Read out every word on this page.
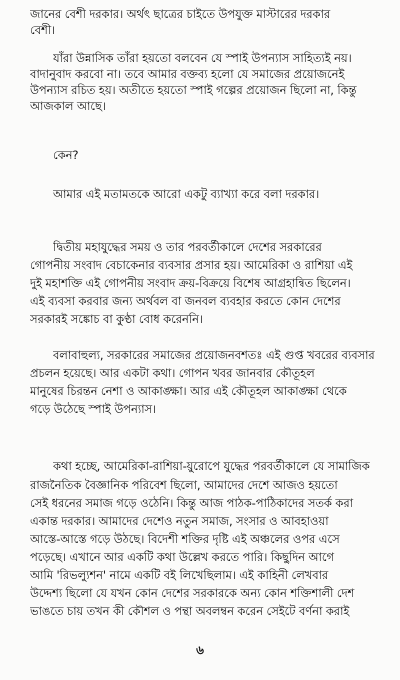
জানের বেশী দরকার। অর্থৎ ছাত্রের চাইতে উপযুক্ত মাস্টারের দরকার
বেশী।
যাঁরা উন্নাসিক তাঁরা হয়তো বলবেন যে স্পাই উপন্যাস সাহিত্যই নয়।
বাদানুবাদ করবো না। তবে আমার বক্তব্য হলো যে সমাজের প্রয়োজনেই
উপন্যাস রচিত হয়। অতীতে হয়তো স্পাই গল্পের প্রয়োজন ছিলো না, কিন্তু
আজকাল আছে।
কেন?
আমার এই মতামতকে আরো একটু ব্যাখ্যা করে বলা দরকার।
দ্বিতীয় মহাযুদ্ধের সময় ও তার পরবর্তীকালে দেশের সরকারের
গোপনীয় সংবাদ বেচাকেনার ব্যবসার প্রসার হয়। আমেরিকা ও রাশিয়া এই
দুই মহাশক্তি এই গোপনীয় সংবাদ ক্রয়-বিক্রয়ে বিশেষ আগ্রহান্বিত ছিলেন।
এই ব্যবসা করবার জন্য অর্থবল বা জনবল ব্যবহার করতে কোন দেশের
সরকারই সঙ্কোচ বা কুণ্ঠা বোধ করেননি।
বলাবাহুল্য, সরকারের সমাজের প্রয়োজনবশতঃ এই গুপ্ত খবরের ব্যবসার
প্রচলন হয়েছে। আর একটা কথা। গোপন খবর জানবার কৌতূহল
মানুষের চিরন্তন নেশা ও আকাঙ্ক্ষা। আর এই কৌতূহল আকাঙ্ক্ষা থেকে
গড়ে উঠেছে স্পাই উপন্যাস।
কথা হচ্ছে, আমেরিকা-রাশিয়া-য়ুরোপে যুদ্ধের পরবর্তীকালে যে সামাজিক
রাজনৈতিক বৈজ্ঞানিক পরিবেশ ছিলো, আমাদের দেশে আজও হয়তো
সেই ধরনের সমাজ গড়ে ওঠেনি। কিন্তু আজ পাঠক-পাঠিকাদের সতর্ক করা
একান্ত দরকার। আমাদের দেশেও নতুন সমাজ, সংসার ও আবহাওয়া
আস্তে-আস্তে গড়ে উঠছে। বিদেশী শক্তির দৃষ্টি এই অঞ্চলের ওপর এসে
পড়েছে। এখানে আর একটি কথা উল্লেখ করতে পারি। কিছুদিন আগে
আমি 'রিভল্যুশন' নামে একটি বই লিখেছিলাম। এই কাহিনী লেখবার
উদ্দেশ্য ছিলো যে যখন কোন দেশের সরকারকে অন্য কোন শক্তিশালী দেশ
ভাঙতে চায় তখন কী কৌশল ও পন্থা অবলম্বন করেন সেইটে বর্ণনা করাই
৬
